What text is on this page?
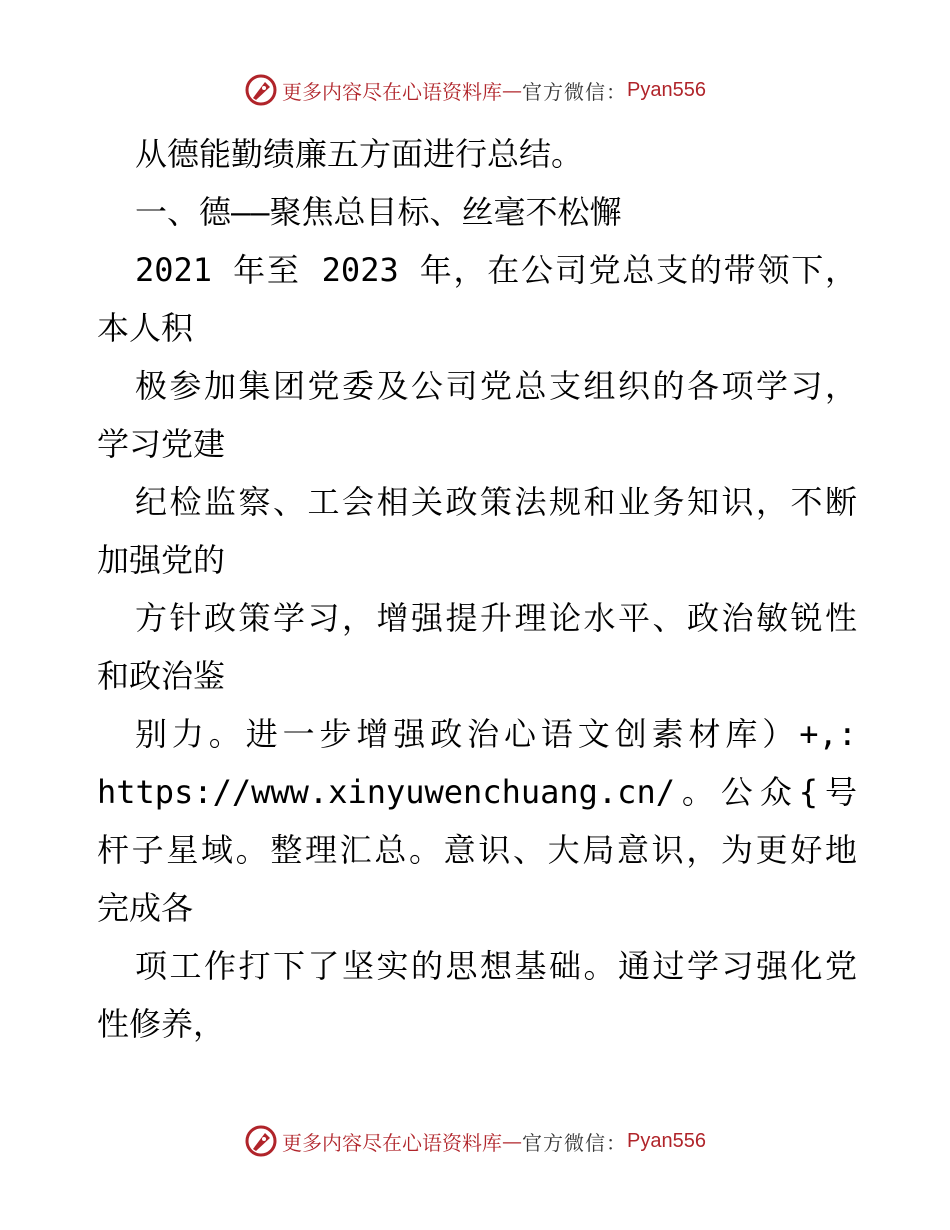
更多内容尽在心语资料库 — 官方微信： Pyan556
从德能勤绩廉五方面进行总结。
一、德——聚焦总目标、丝毫不松懈
2021 年至 2023 年，在公司党总支的带领下，
本人积
极参加集团党委及公司党总支组织的各项学习，
学习党建
纪检监察、工会相关政策法规和业务知识，不断
加强党的
方针政策学习，增强提升理论水平、政治敏锐性
和政治鉴
别力。进一步增强政治心语文创素材库）+,:
https://www.xinyuwenchuang.cn/。公众{号
杆子星域。整理汇总。意识、大局意识，为更好地
完成各
项工作打下了坚实的思想基础。通过学习强化党
性修养，
更多内容尽在心语资料库 — 官方微信： Pyan556
